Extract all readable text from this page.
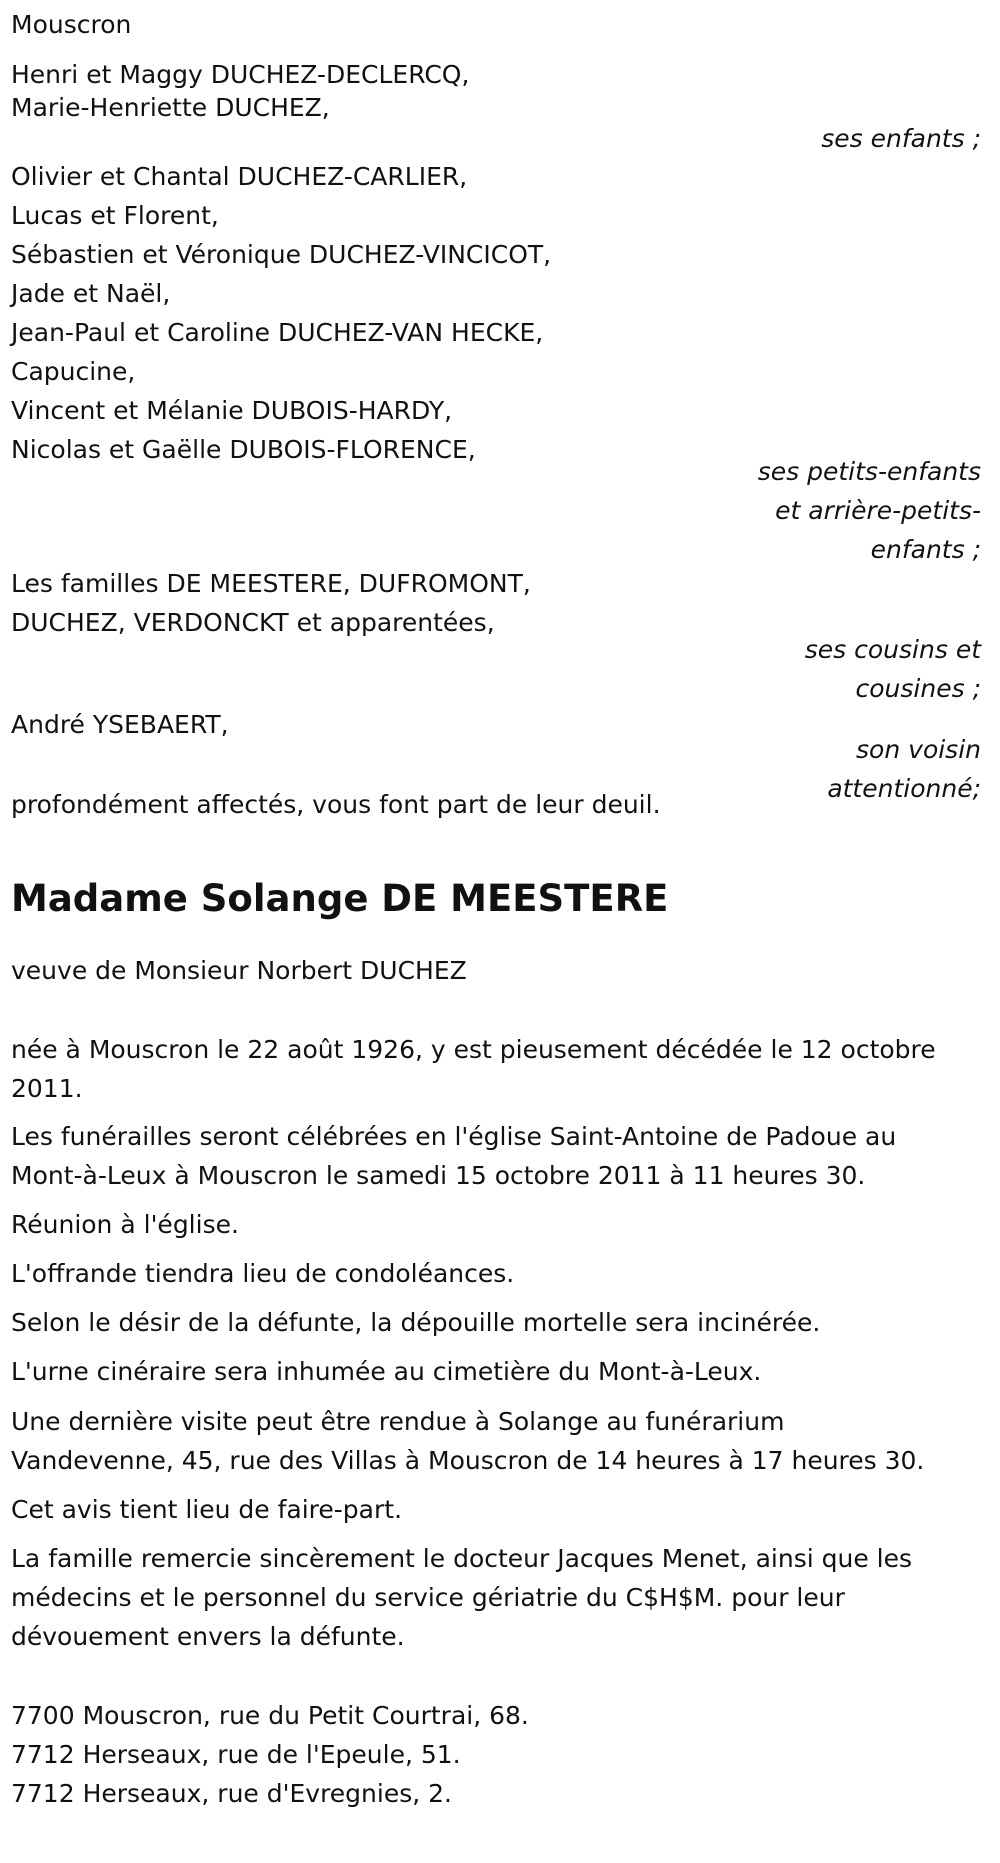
Mouscron

Henri et Maggy DUCHEZ-DECLERCQ,

Marie-Henriette DUCHEZ,

ses enfants ;

Olivier et Chantal DUCHEZ-CARLIER,

Lucas et Florent,

Sébastien et Véronique DUCHEZ-VINCICOT,

Jade et Naël,

Jean-Paul et Caroline DUCHEZ-VAN HECKE,

Capucine,

Vincent et Mélanie DUBOIS-HARDY,

Nicolas et Gaëlle DUBOIS-FLORENCE,

ses petits-enfants

et arrière-petits-

enfants ;

Les familles DE MEESTERE, DUFROMONT,

DUCHEZ, VERDONCKT et apparentées,

ses cousins et

cousines ;

André YSEBAERT,

son voisin

attentionné;

profondément affectés, vous font part de leur deuil.

Madame Solange DE MEESTERE

veuve de Monsieur Norbert DUCHEZ

née à Mouscron le 22 août 1926, y est pieusement décédée le 12 octobre

2011.

Les funérailles seront célébrées en l'église Saint-Antoine de Padoue au

Mont-à-Leux à Mouscron le samedi 15 octobre 2011 à 11 heures 30.

Réunion à l'église.

L'offrande tiendra lieu de condoléances.

Selon le désir de la défunte, la dépouille mortelle sera incinérée.

L'urne cinéraire sera inhumée au cimetière du Mont-à-Leux.

Une dernière visite peut être rendue à Solange au funérarium

Vandevenne, 45, rue des Villas à Mouscron de 14 heures à 17 heures 30.

Cet avis tient lieu de faire-part.

La famille remercie sincèrement le docteur Jacques Menet, ainsi que les

médecins et le personnel du service gériatrie du C$H$M. pour leur

dévouement envers la défunte.

7700 Mouscron, rue du Petit Courtrai, 68.

7712 Herseaux, rue de l'Epeule, 51.

7712 Herseaux, rue d'Evregnies, 2.
